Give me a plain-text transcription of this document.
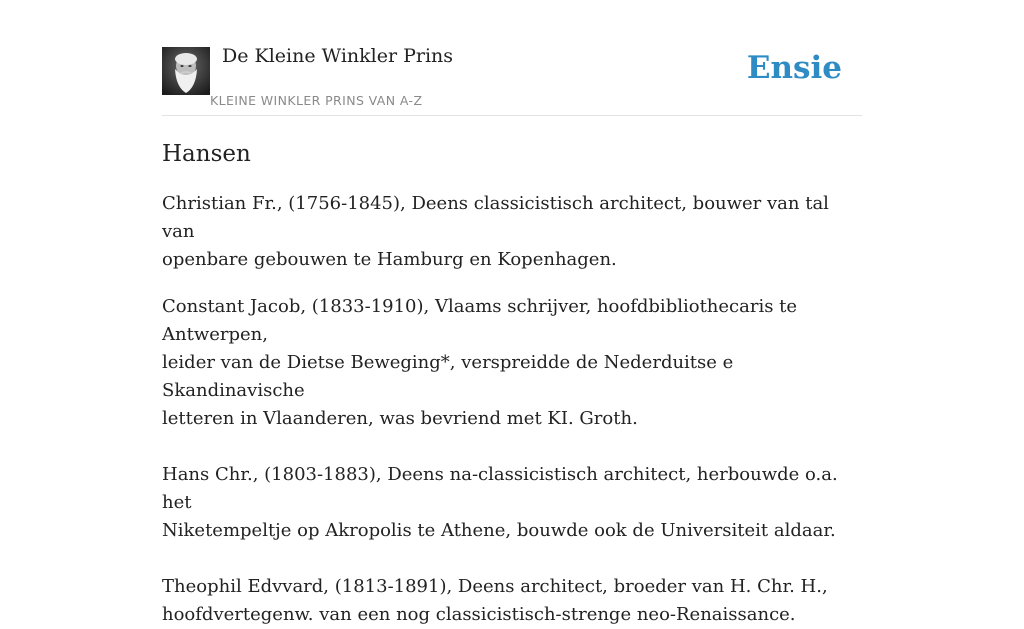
De Kleine Winkler Prins
KLEINE WINKLER PRINS VAN A-Z
Ensie
Hansen

Christian Fr., (1756-1845), Deens classicistisch architect, bouwer van tal van
openbare gebouwen te Hamburg en Kopenhagen.

Constant Jacob, (1833-1910), Vlaams schrijver, hoofdbibliothecaris te Antwerpen,
leider van de Dietse Beweging*, verspreidde de Nederduitse e Skandinavische
letteren in Vlaanderen, was bevriend met KI. Groth.

Hans Chr., (1803-1883), Deens na-classicistisch architect, herbouwde o.a. het
Niketempeltje op Akropolis te Athene, bouwde ook de Universiteit aldaar.

Theophil Edvvard, (1813-1891), Deens architect, broeder van H. Chr. H.,
hoofdvertegenw. van een nog classicistisch-strenge neo-Renaissance.
